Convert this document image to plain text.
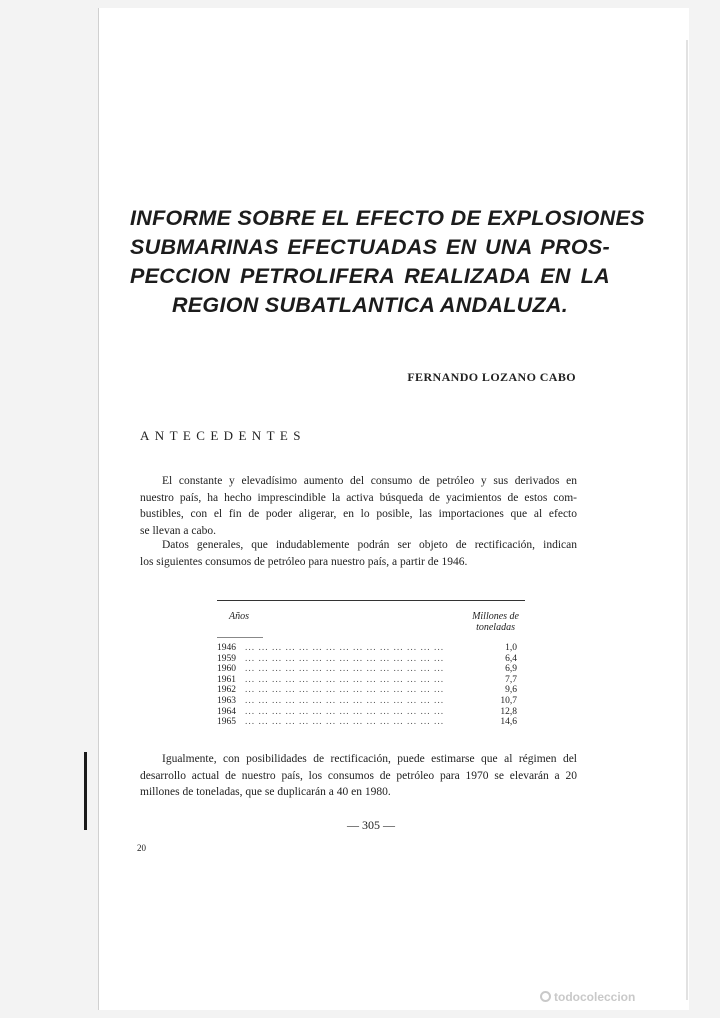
INFORME SOBRE EL EFECTO DE EXPLOSIONES
SUBMARINAS EFECTUADAS EN UNA PROS-
PECCION PETROLIFERA REALIZADA EN LA
REGION SUBATLANTICA ANDALUZA.
FERNANDO LOZANO CABO
ANTECEDENTES

El constante y elevadísimo aumento del consumo de petróleo y sus derivados en
nuestro país, ha hecho imprescindible la activa búsqueda de yacimientos de estos com-
bustibles, con el fin de poder aligerar, en lo posible, las importaciones que al efecto
se llevan a cabo.

Datos generales, que indudablemente podrán ser objeto de rectificación, indican
los siguientes consumos de petróleo para nuestro país, a partir de 1946.

Años	Millones de
toneladas
1946 ... ... ... ... ... ... ... ... ... ... ... ... ... ... ...	1,0
1959 ... ... ... ... ... ... ... ... ... ... ... ... ... ... ...	6,4
1960 ... ... ... ... ... ... ... ... ... ... ... ... ... ... ...	6,9
1961 ... ... ... ... ... ... ... ... ... ... ... ... ... ... ...	7,7
1962 ... ... ... ... ... ... ... ... ... ... ... ... ... ... ...	9,6
1963 ... ... ... ... ... ... ... ... ... ... ... ... ... ... ...	10,7
1964 ... ... ... ... ... ... ... ... ... ... ... ... ... ... ...	12,8
1965 ... ... ... ... ... ... ... ... ... ... ... ... ... ... ...	14,6

Igualmente, con posibilidades de rectificación, puede estimarse que al régimen del
desarrollo actual de nuestro país, los consumos de petróleo para 1970 se elevarán a 20
millones de toneladas, que se duplicarán a 40 en 1980.

— 305 —
20
todocoleccion
